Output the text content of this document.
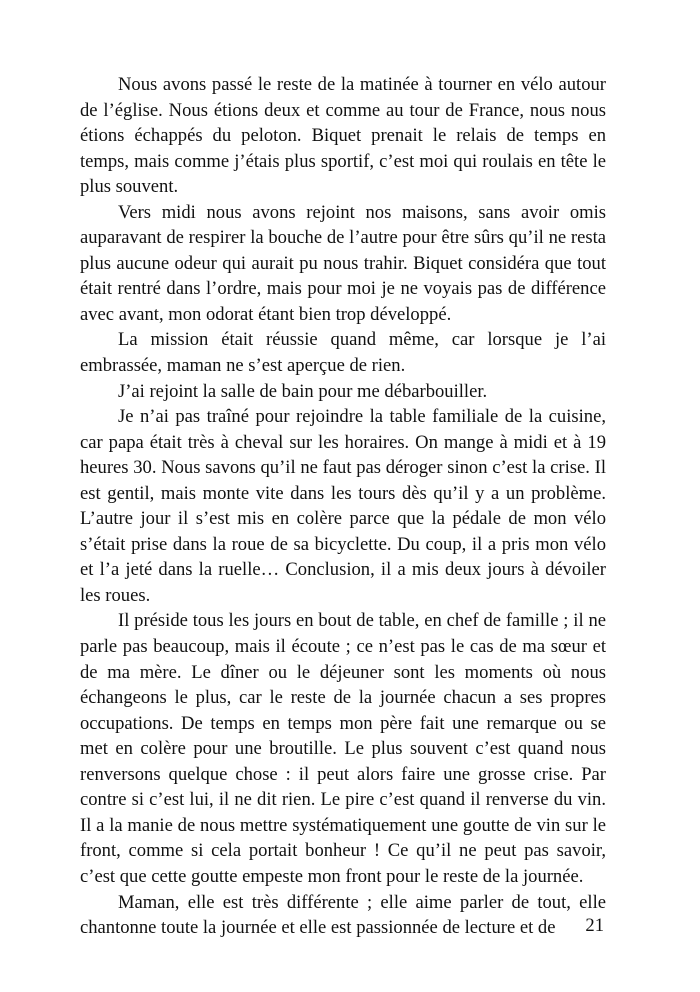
Nous avons passé le reste de la matinée à tourner en vélo autour de l’église. Nous étions deux et comme au tour de France, nous nous étions échappés du peloton. Biquet prenait le relais de temps en temps, mais comme j’étais plus sportif, c’est moi qui roulais en tête le plus souvent.

Vers midi nous avons rejoint nos maisons, sans avoir omis auparavant de respirer la bouche de l’autre pour être sûrs qu’il ne resta plus aucune odeur qui aurait pu nous trahir. Biquet considéra que tout était rentré dans l’ordre, mais pour moi je ne voyais pas de différence avec avant, mon odorat étant bien trop développé.

La mission était réussie quand même, car lorsque je l’ai embrassée, maman ne s’est aperçue de rien.

J’ai rejoint la salle de bain pour me débarbouiller.

Je n’ai pas traîné pour rejoindre la table familiale de la cuisine, car papa était très à cheval sur les horaires. On mange à midi et à 19 heures 30. Nous savons qu’il ne faut pas déroger sinon c’est la crise. Il est gentil, mais monte vite dans les tours dès qu’il y a un problème. L’autre jour il s’est mis en colère parce que la pédale de mon vélo s’était prise dans la roue de sa bicyclette. Du coup, il a pris mon vélo et l’a jeté dans la ruelle… Conclusion, il a mis deux jours à dévoiler les roues.

Il préside tous les jours en bout de table, en chef de famille ; il ne parle pas beaucoup, mais il écoute ; ce n’est pas le cas de ma sœur et de ma mère. Le dîner ou le déjeuner sont les moments où nous échangeons le plus, car le reste de la journée chacun a ses propres occupations. De temps en temps mon père fait une remarque ou se met en colère pour une broutille. Le plus souvent c’est quand nous renversons quelque chose : il peut alors faire une grosse crise. Par contre si c’est lui, il ne dit rien. Le pire c’est quand il renverse du vin. Il a la manie de nous mettre systématiquement une goutte de vin sur le front, comme si cela portait bonheur ! Ce qu’il ne peut pas savoir, c’est que cette goutte empeste mon front pour le reste de la journée.

Maman, elle est très différente ; elle aime parler de tout, elle chantonne toute la journée et elle est passionnée de lecture et de	21
